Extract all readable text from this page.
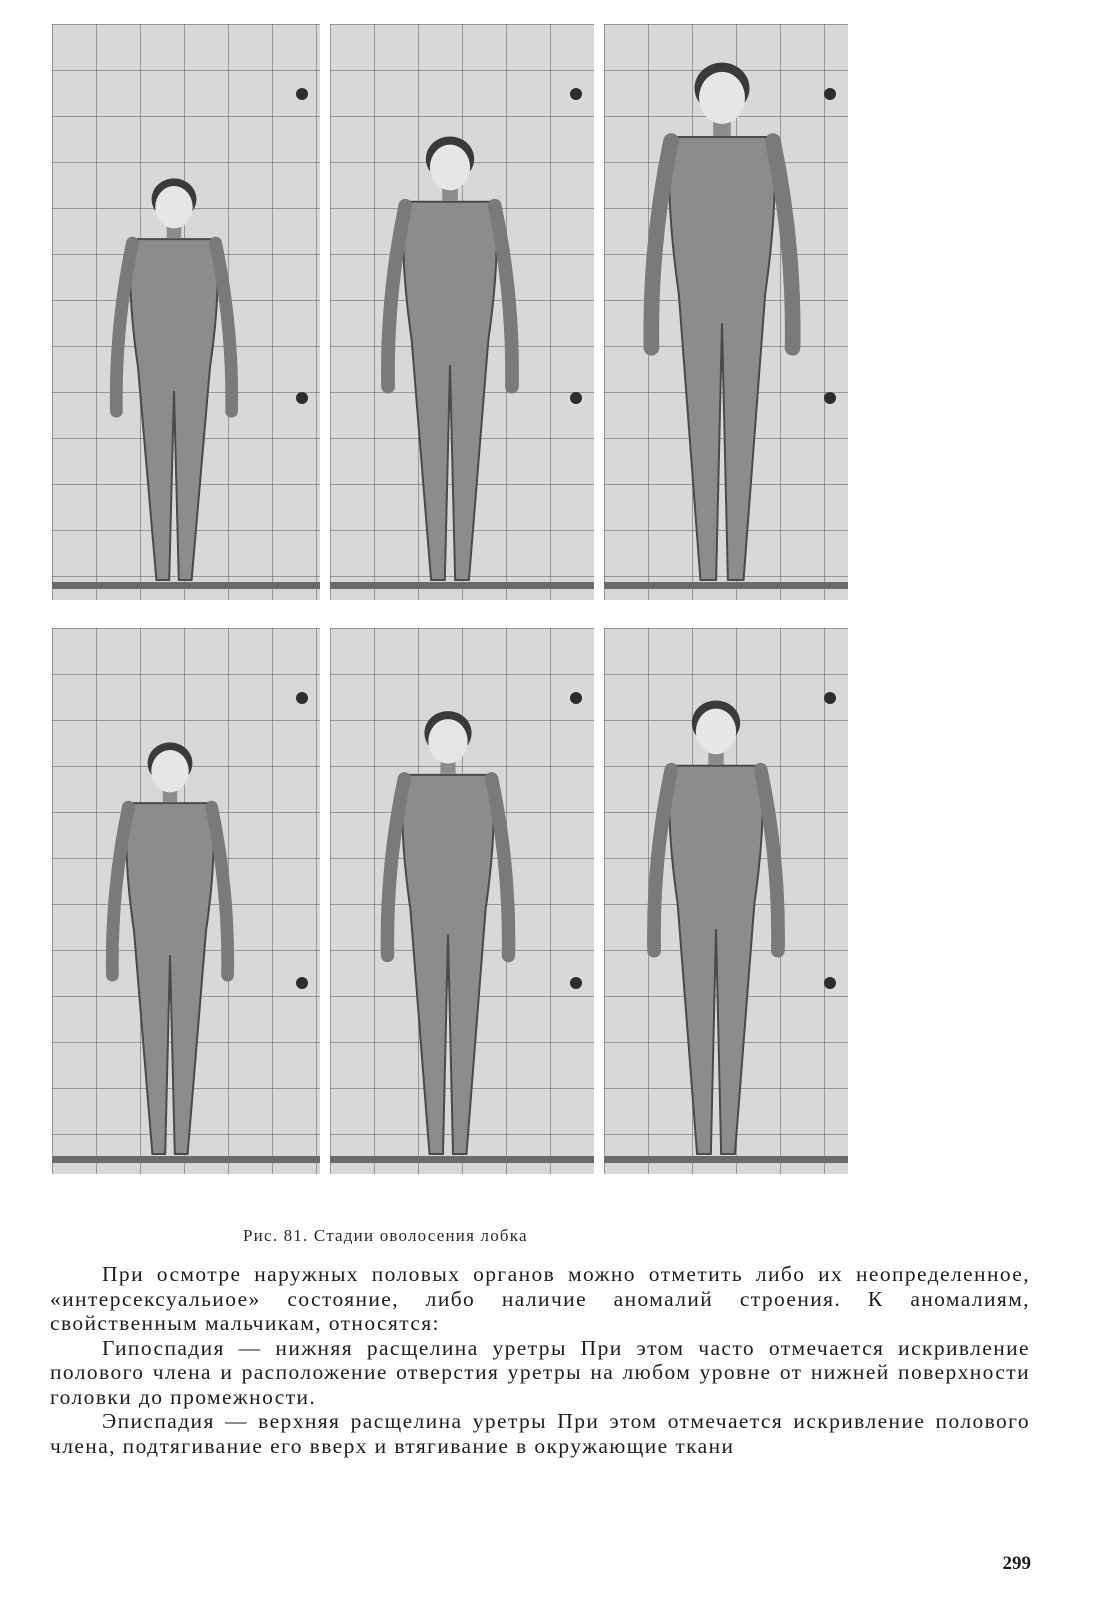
Рис. 81. Стадии оволосения лобка

При осмотре наружных половых органов можно отметить либо их неопределенное, «интерсексуальиое» состояние, либо наличие аномалий строения. К аномалиям, свойственным мальчикам, относятся:

Гипоспадия — нижняя расщелина уретры При этом часто отмечается искривление полового члена и расположение отверстия уретры на любом уровне от нижней поверхности головки до промежности.

Эписпадия — верхняя расщелина уретры При этом отмечается искривление полового члена, подтягивание его вверх и втягивание в окружающие ткани

299
